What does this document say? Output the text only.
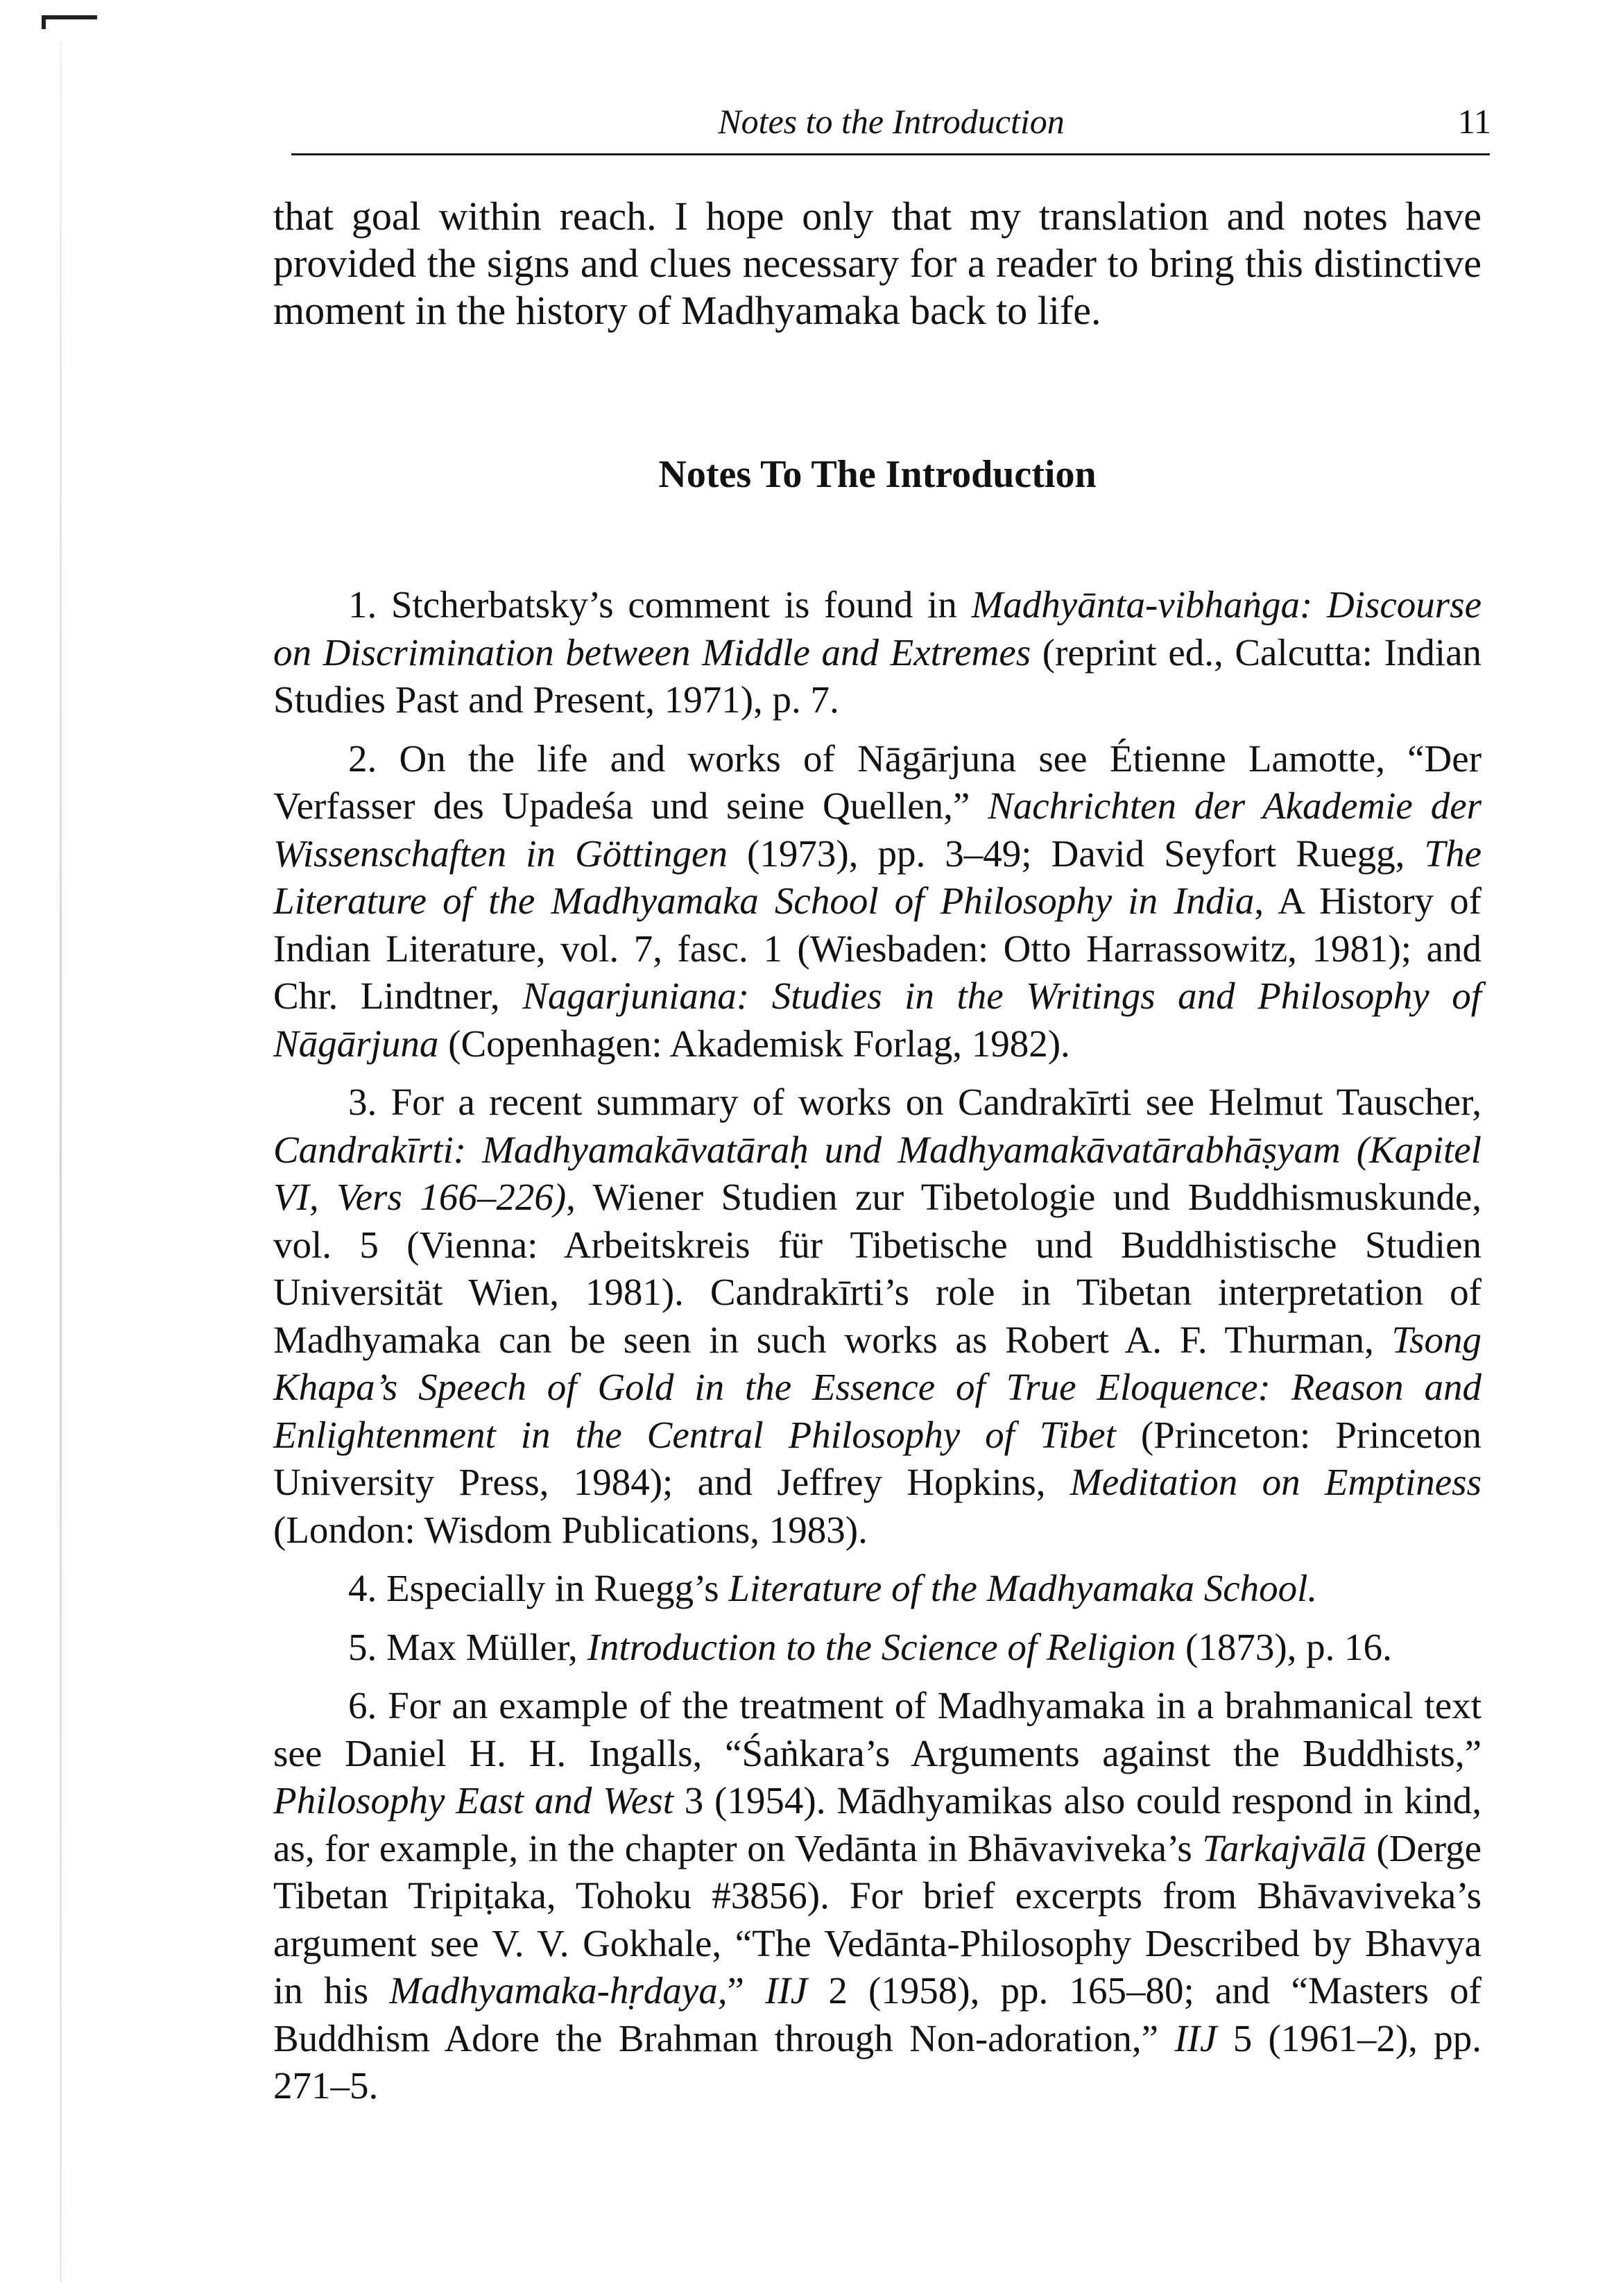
Notes to the Introduction	11
that goal within reach. I hope only that my translation and notes have provided the signs and clues necessary for a reader to bring this distinctive moment in the history of Madhyamaka back to life.
Notes To The Introduction

1. Stcherbatsky’s comment is found in Madhyānta-vibhaṅga: Discourse on Discrimination between Middle and Extremes (reprint ed., Calcutta: Indian Studies Past and Present, 1971), p. 7.

2. On the life and works of Nāgārjuna see Étienne Lamotte, “Der Verfasser des Upadeśa und seine Quellen,” Nachrichten der Akademie der Wissenschaften in Göttingen (1973), pp. 3–49; David Seyfort Ruegg, The Literature of the Madhyamaka School of Philosophy in India, A History of Indian Literature, vol. 7, fasc. 1 (Wiesbaden: Otto Harrassowitz, 1981); and Chr. Lindtner, Nagarjuniana: Studies in the Writings and Philosophy of Nāgārjuna (Copenhagen: Akademisk Forlag, 1982).

3. For a recent summary of works on Candrakīrti see Helmut Tauscher, Candrakīrti: Madhyamakāvatāraḥ und Madhyamakāvatārabhāṣyam (Kapitel VI, Vers 166–226), Wiener Studien zur Tibetologie und Buddhismuskunde, vol. 5 (Vienna: Arbeitskreis für Tibetische und Buddhistische Studien Universität Wien, 1981). Candrakīrti’s role in Tibetan interpretation of Madhyamaka can be seen in such works as Robert A. F. Thurman, Tsong Khapa’s Speech of Gold in the Essence of True Eloquence: Reason and Enlightenment in the Central Philosophy of Tibet (Princeton: Princeton University Press, 1984); and Jeffrey Hopkins, Meditation on Emptiness (London: Wisdom Publications, 1983).

4. Especially in Ruegg’s Literature of the Madhyamaka School.

5. Max Müller, Introduction to the Science of Religion (1873), p. 16.

6. For an example of the treatment of Madhyamaka in a brahmanical text see Daniel H. H. Ingalls, “Śaṅkara’s Arguments against the Buddhists,” Philosophy East and West 3 (1954). Mādhyamikas also could respond in kind, as, for example, in the chapter on Vedānta in Bhāvaviveka’s Tarkajvālā (Derge Tibetan Tripiṭaka, Tohoku #3856). For brief excerpts from Bhāvaviveka’s argument see V. V. Gokhale, “The Vedānta-Philosophy Described by Bhavya in his Madhyamaka-hṛdaya,” IIJ 2 (1958), pp. 165–80; and “Masters of Buddhism Adore the Brahman through Non-adoration,” IIJ 5 (1961–2), pp. 271–5.
